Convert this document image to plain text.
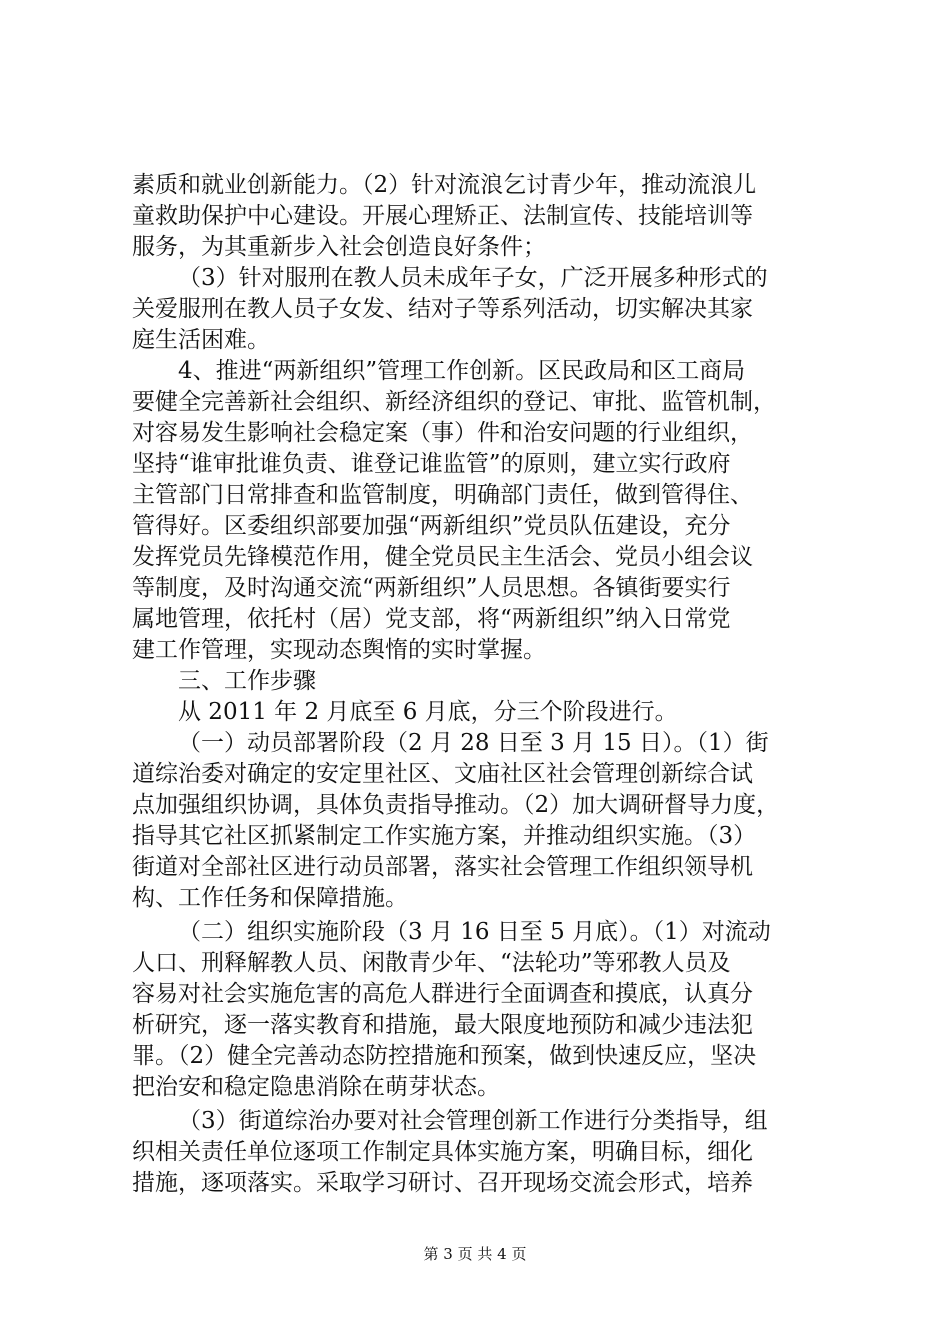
素质和就业创新能力。（2）针对流浪乞讨青少年，推动流浪儿
童救助保护中心建设。开展心理矫正、法制宣传、技能培训等
服务，为其重新步入社会创造良好条件；
（3）针对服刑在教人员未成年子女，广泛开展多种形式的
关爱服刑在教人员子女发、结对子等系列活动，切实解决其家
庭生活困难。
4、推进“两新组织”管理工作创新。区民政局和区工商局
要健全完善新社会组织、新经济组织的登记、审批、监管机制，
对容易发生影响社会稳定案（事）件和治安问题的行业组织，
坚持“谁审批谁负责、谁登记谁监管”的原则，建立实行政府
主管部门日常排查和监管制度，明确部门责任，做到管得住、
管得好。区委组织部要加强“两新组织”党员队伍建设，充分
发挥党员先锋模范作用，健全党员民主生活会、党员小组会议
等制度，及时沟通交流“两新组织”人员思想。各镇街要实行
属地管理，依托村（居）党支部，将“两新组织”纳入日常党
建工作管理，实现动态舆惰的实时掌握。
三、工作步骤
从 2011 年 2 月底至 6 月底，分三个阶段进行。
（一）动员部署阶段（2 月 28 日至 3 月 15 日）。（1）街
道综治委对确定的安定里社区、文庙社区社会管理创新综合试
点加强组织协调，具体负责指导推动。（2）加大调研督导力度，
指导其它社区抓紧制定工作实施方案，并推动组织实施。（3）
街道对全部社区进行动员部署，落实社会管理工作组织领导机
构、工作任务和保障措施。
（二）组织实施阶段（3 月 16 日至 5 月底）。（1）对流动
人口、刑释解教人员、闲散青少年、“法轮功”等邪教人员及
容易对社会实施危害的高危人群进行全面调查和摸底，认真分
析研究，逐一落实教育和措施，最大限度地预防和减少违法犯
罪。（2）健全完善动态防控措施和预案，做到快速反应，坚决
把治安和稳定隐患消除在萌芽状态。
（3）街道综治办要对社会管理创新工作进行分类指导，组
织相关责任单位逐项工作制定具体实施方案，明确目标，细化
措施，逐项落实。采取学习研讨、召开现场交流会形式，培养
第 3 页 共 4 页
